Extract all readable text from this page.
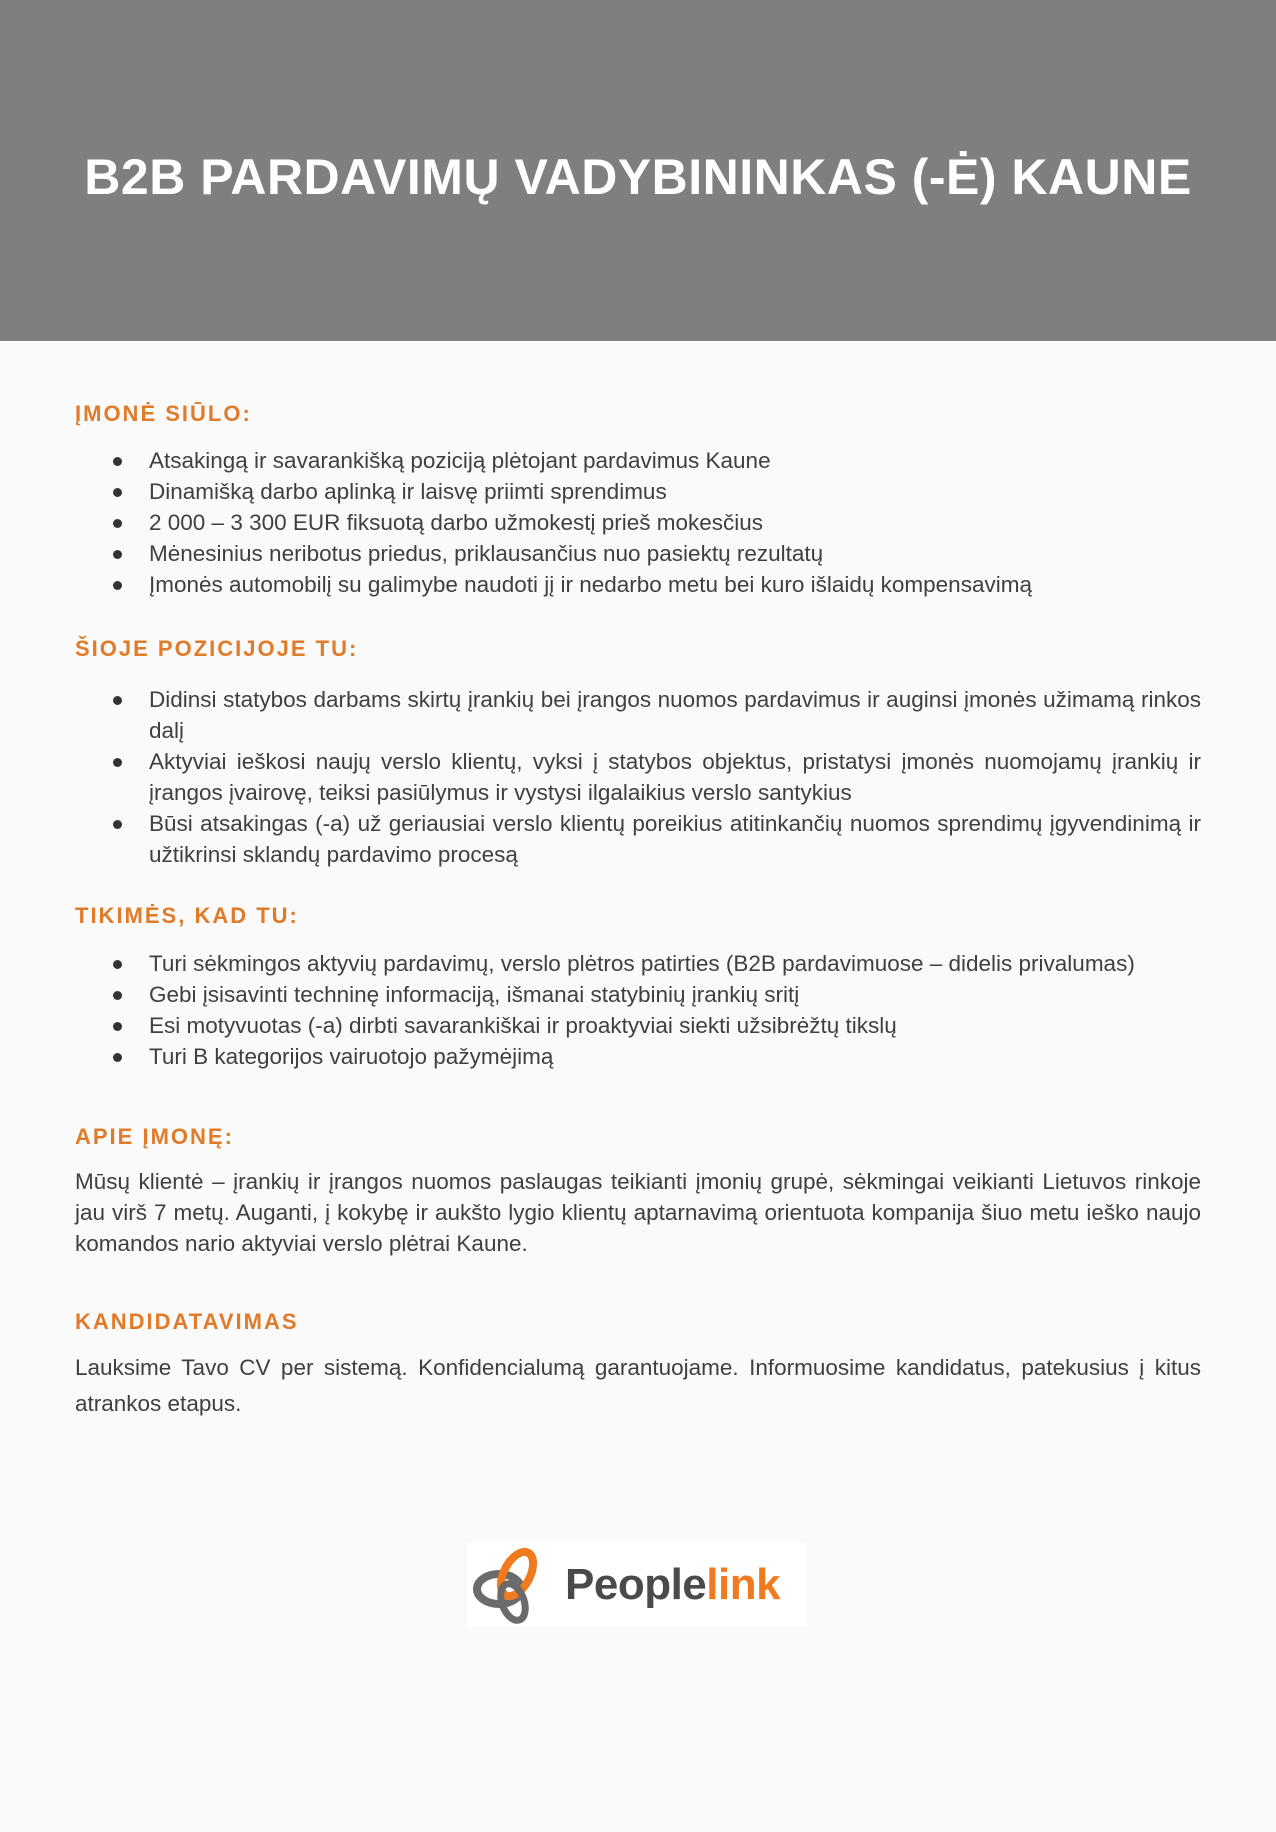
B2B PARDAVIMŲ VADYBININKAS (-Ė) KAUNE
ĮMONĖ SIŪLO:
Atsakingą ir savarankišką poziciją plėtojant pardavimus Kaune
Dinamišką darbo aplinką ir laisvę priimti sprendimus
2 000 – 3 300 EUR fiksuotą darbo užmokestį prieš mokesčius
Mėnesinius neribotus priedus, priklausančius nuo pasiektų rezultatų
Įmonės automobilį su galimybe naudoti jį ir nedarbo metu bei kuro išlaidų kompensavimą
ŠIOJE POZICIJOJE TU:
Didinsi statybos darbams skirtų įrankių bei įrangos nuomos pardavimus ir auginsi įmonės užimamą rinkos dalį
Aktyviai ieškosi naujų verslo klientų, vyksi į statybos objektus, pristatysi įmonės nuomojamų įrankių ir įrangos įvairovę, teiksi pasiūlymus ir vystysi ilgalaikius verslo santykius
Būsi atsakingas (-a) už geriausiai verslo klientų poreikius atitinkančių nuomos sprendimų įgyvendinimą ir užtikrinsi sklandų pardavimo procesą
TIKIMĖS, KAD TU:
Turi sėkmingos aktyvių pardavimų, verslo plėtros patirties (B2B pardavimuose – didelis privalumas)
Gebi įsisavinti techninę informaciją, išmanai statybinių įrankių sritį
Esi motyvuotas (-a) dirbti savarankiškai ir proaktyviai siekti užsibrėžtų tikslų
Turi B kategorijos vairuotojo pažymėjimą
APIE ĮMONĘ:

Mūsų klientė – įrankių ir įrangos nuomos paslaugas teikianti įmonių grupė, sėkmingai veikianti Lietuvos rinkoje jau virš 7 metų. Auganti, į kokybę ir aukšto lygio klientų aptarnavimą orientuota kompanija šiuo metu ieško naujo komandos nario aktyviai verslo plėtrai Kaune.

KANDIDATAVIMAS

Lauksime Tavo CV per sistemą. Konfidencialumą garantuojame. Informuosime kandidatus, patekusius į kitus atrankos etapus.

Peoplelink
